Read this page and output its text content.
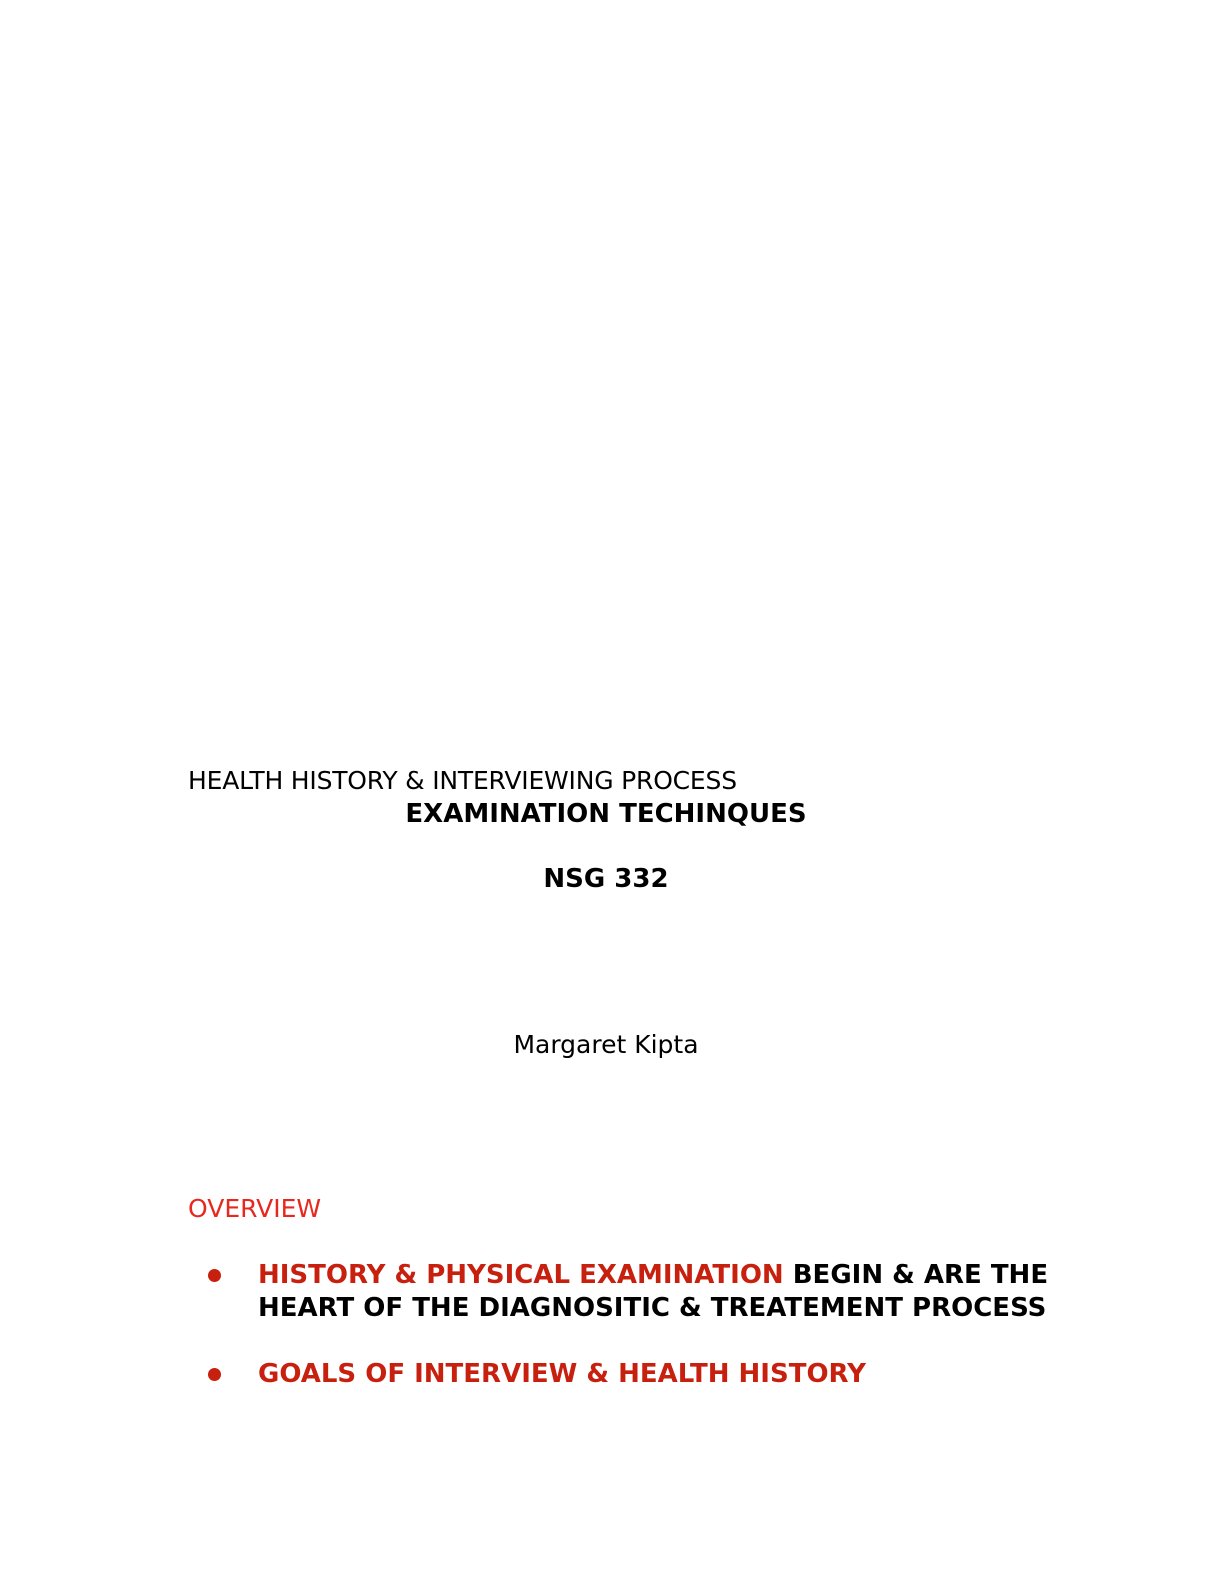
HEALTH HISTORY & INTERVIEWING PROCESS
EXAMINATION TECHINQUES
NSG 332
Margaret Kipta
OVERVIEW
HISTORY & PHYSICAL EXAMINATION BEGIN & ARE THE HEART OF THE DIAGNOSITIC & TREATEMENT PROCESS
GOALS OF INTERVIEW & HEALTH HISTORY
